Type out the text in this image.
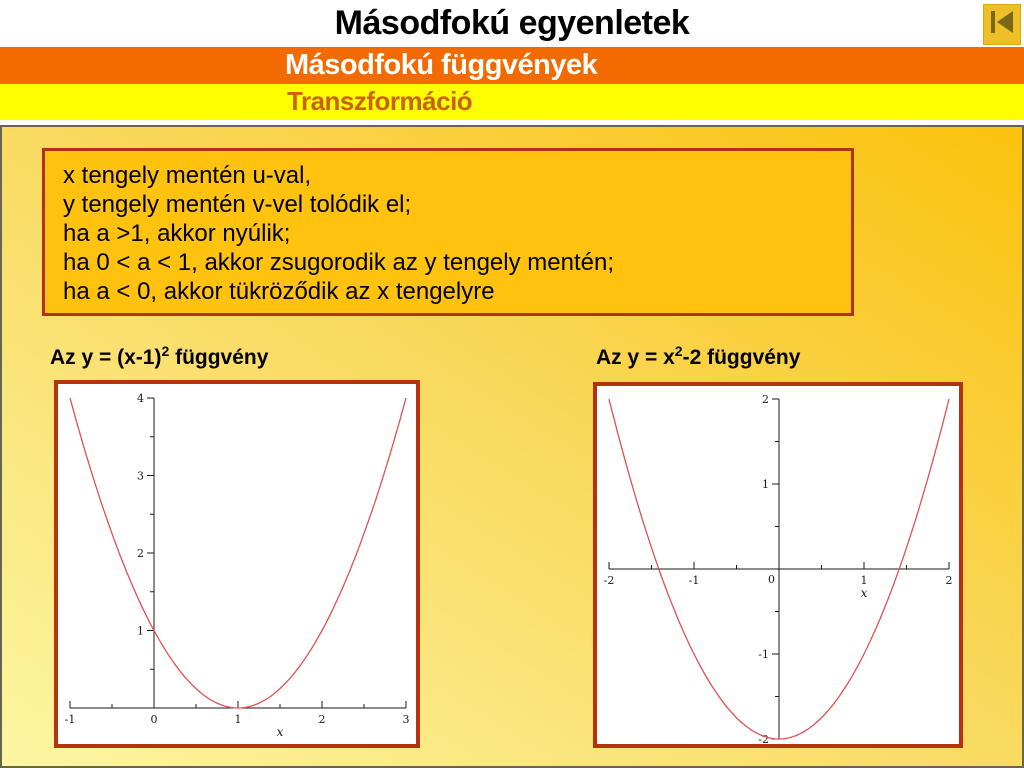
Másodfokú egyenletek
Másodfokú függvények
Transzformáció
x tengely mentén u-val,
y tengely mentén v-vel tolódik el;
ha a >1, akkor nyúlik;
ha 0 < a < 1, akkor zsugorodik az y tengely mentén;
ha a < 0, akkor tükröződik az x tengelyre
Az $y = (x-1)^2$ függvény	Az $y = x^2-2$ függvény
-1	1	2	3
0
1
2
3
4
x
-2	-1	1	2
0
-2
-1
1
2
x
